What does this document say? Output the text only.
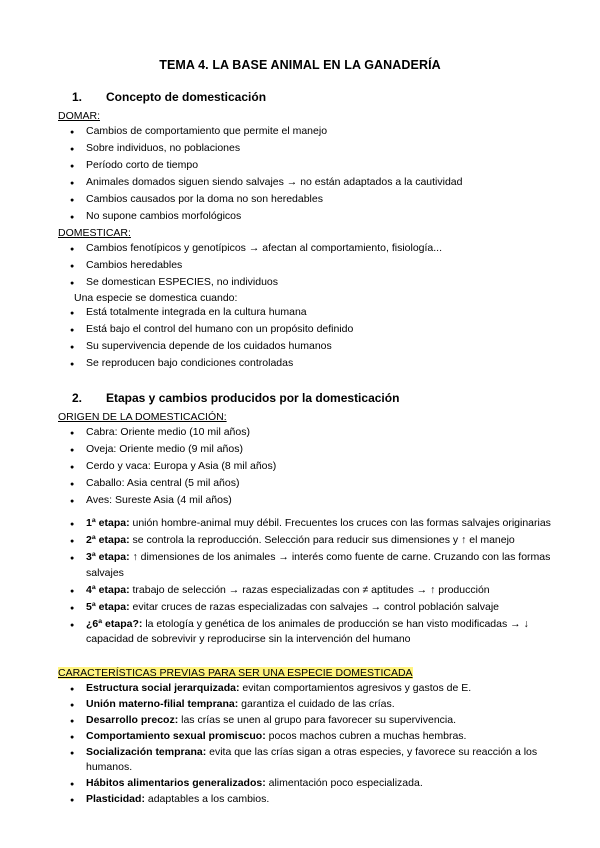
TEMA 4. LA BASE ANIMAL EN LA GANADERÍA
1. Concepto de domesticación
DOMAR:
● Cambios de comportamiento que permite el manejo
● Sobre individuos, no poblaciones
● Período corto de tiempo
● Animales domados siguen siendo salvajes → no están adaptados a la cautividad
● Cambios causados por la doma no son heredables
● No supone cambios morfológicos
DOMESTICAR:
● Cambios fenotípicos y genotípicos → afectan al comportamiento, fisiología...
● Cambios heredables
● Se domestican ESPECIES, no individuos
Una especie se domestica cuando:
● Está totalmente integrada en la cultura humana
● Está bajo el control del humano con un propósito definido
● Su supervivencia depende de los cuidados humanos
● Se reproducen bajo condiciones controladas
2. Etapas y cambios producidos por la domesticación
ORIGEN DE LA DOMESTICACIÓN:
● Cabra: Oriente medio (10 mil años)
● Oveja: Oriente medio (9 mil años)
● Cerdo y vaca: Europa y Asia (8 mil años)
● Caballo: Asia central (5 mil años)
● Aves: Sureste Asia (4 mil años)
● 1ª etapa: unión hombre-animal muy débil. Frecuentes los cruces con las formas salvajes originarias
● 2ª etapa: se controla la reproducción. Selección para reducir sus dimensiones y ↑ el manejo
● 3ª etapa: ↑ dimensiones de los animales → interés como fuente de carne. Cruzando con las formas salvajes
● 4ª etapa: trabajo de selección → razas especializadas con ≠ aptitudes → ↑ producción
● 5ª etapa: evitar cruces de razas especializadas con salvajes → control población salvaje
● ¿6ª etapa?: la etología y genética de los animales de producción se han visto modificadas → ↓ capacidad de sobrevivir y reproducirse sin la intervención del humano
CARACTERÍSTICAS PREVIAS PARA SER UNA ESPECIE DOMESTICADA
● Estructura social jerarquizada: evitan comportamientos agresivos y gastos de E.
● Unión materno-filial temprana: garantiza el cuidado de las crías.
● Desarrollo precoz: las crías se unen al grupo para favorecer su supervivencia.
● Comportamiento sexual promiscuo: pocos machos cubren a muchas hembras.
● Socialización temprana: evita que las crías sigan a otras especies, y favorece su reacción a los humanos.
● Hábitos alimentarios generalizados: alimentación poco especializada.
● Plasticidad: adaptables a los cambios.
